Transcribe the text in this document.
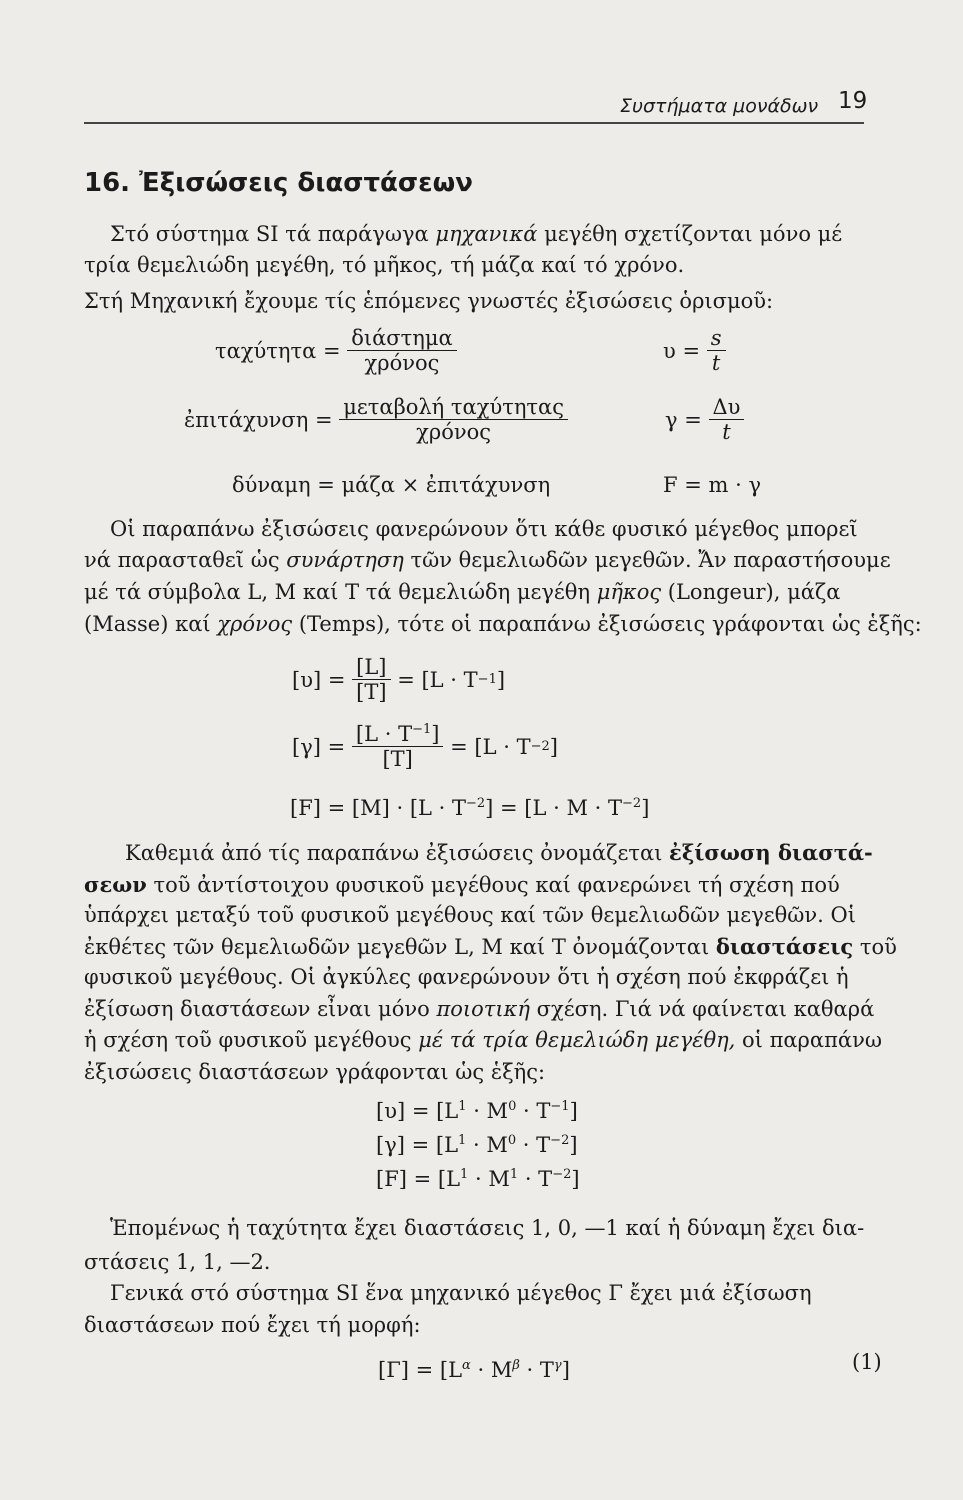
Συστήματα μονάδων 19
16. Ἐξισώσεις διαστάσεων
Στό σύστημα SI τά παράγωγα μηχανικά μεγέθη σχετίζονται μόνο μέ
τρία θεμελιώδη μεγέθη, τό μῆκος, τή μάζα καί τό χρόνο.
Στή Μηχανική ἔχουμε τίς ἑπόμενες γνωστές ἐξισώσεις ὁρισμοῦ:
ταχύτητα =
$\frac{\text{διάστημα}}{\text{χρόνος}}$	υ =
$\frac{s}{t}$
ἐπιτάχυνση =
$\frac{\text{μεταβολή ταχύτητας}}{\text{χρόνος}}$	γ =
$\frac{\Delta\upsilon}{t}$
δύναμη = μάζα × ἐπιτάχυνση	F = m · γ
Οἱ παραπάνω ἐξισώσεις φανερώνουν ὅτι κάθε φυσικό μέγεθος μπορεῖ
νά παρασταθεῖ ὡς συνάρτηση τῶν θεμελιωδῶν μεγεθῶν. Ἄν παραστήσουμε
μέ τά σύμβολα L, M καί T τά θεμελιώδη μεγέθη μῆκος (Longeur), μάζα
(Masse) καί χρόνος (Temps), τότε οἱ παραπάνω ἐξισώσεις γράφονται ὡς ἑξῆς:
[υ] =
$\frac{[L]}{[T]}$
= [L · T −1 ]
[γ] =
$\frac{[L \cdot T^{-1}]}{[T]}$
= [L · T −2 ]
$[F] = [M] \cdot [L \cdot T^{-2}] = [L \cdot M \cdot T^{-2}]$
Καθεμιά ἀπό τίς παραπάνω ἐξισώσεις ὀνομάζεται ἐξίσωση διαστά-
σεων τοῦ ἀντίστοιχου φυσικοῦ μεγέθους καί φανερώνει τή σχέση πού
ὑπάρχει μεταξύ τοῦ φυσικοῦ μεγέθους καί τῶν θεμελιωδῶν μεγεθῶν. Οἱ
ἐκθέτες τῶν θεμελιωδῶν μεγεθῶν L, M καί T ὀνομάζονται διαστάσεις τοῦ
φυσικοῦ μεγέθους. Οἱ ἀγκύλες φανερώνουν ὅτι ἡ σχέση πού ἐκφράζει ἡ
ἐξίσωση διαστάσεων εἶναι μόνο ποιοτική σχέση. Γιά νά φαίνεται καθαρά
ἡ σχέση τοῦ φυσικοῦ μεγέθους μέ τά τρία θεμελιώδη μεγέθη, οἱ παραπάνω
ἐξισώσεις διαστάσεων γράφονται ὡς ἑξῆς:
$[\upsilon] = [L^1 \cdot M^0 \cdot T^{-1}]$
$[\gamma] = [L^1 \cdot M^0 \cdot T^{-2}]$
$[F] = [L^1 \cdot M^1 \cdot T^{-2}]$
Ἑπομένως ἡ ταχύτητα ἔχει διαστάσεις 1, 0, —1 καί ἡ δύναμη ἔχει δια-
στάσεις 1, 1, —2.
Γενικά στό σύστημα SI ἕνα μηχανικό μέγεθος Γ ἔχει μιά ἐξίσωση
διαστάσεων πού ἔχει τή μορφή:
$[\Gamma] = [L^\alpha \cdot M^\beta \cdot T^\gamma]$	(1)
